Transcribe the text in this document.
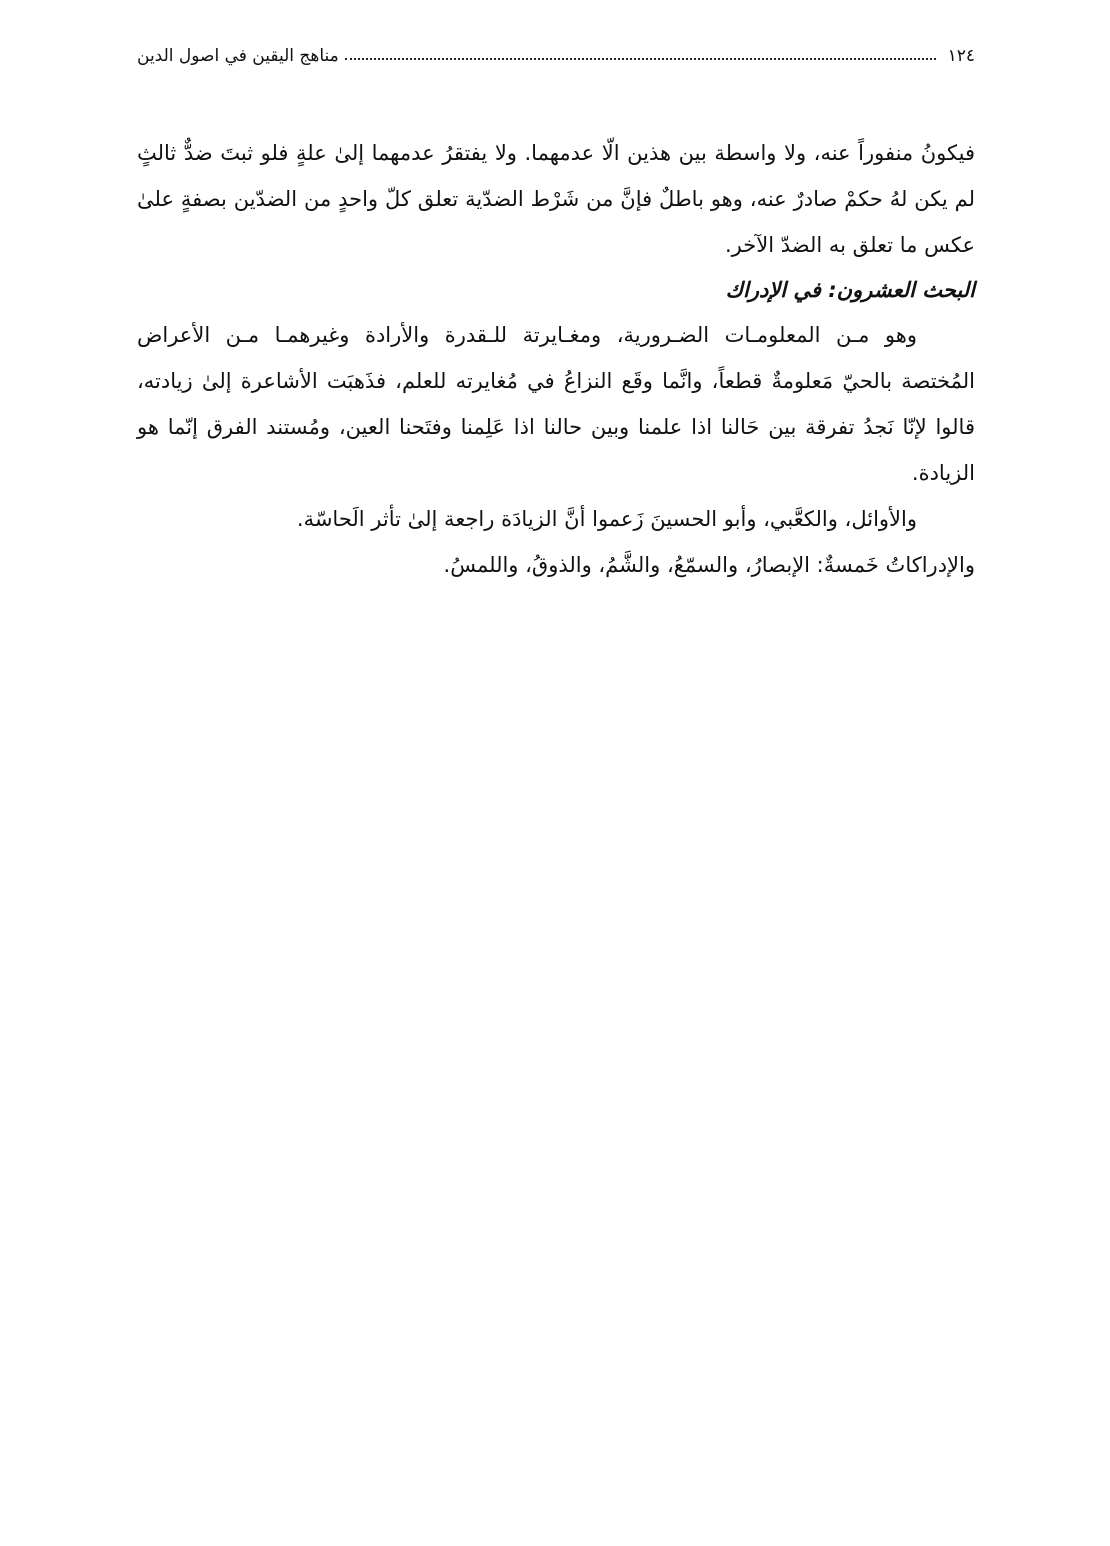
١٢٤
مناهج اليقين في اصول الدين

فيكونُ منفوراً عنه، ولا واسطة بين هذين الّا عدمهما. ولا يفتقرُ عدمهما إلىٰ علةٍ فلو ثبتَ ضدٌّ ثالثٍ لم يكن لهُ حكمْ صادرٌ عنه، وهو باطلٌ فإنَّ من شَرْط الضدّية تعلق كلّ واحدٍ من الضدّين بصفةٍ علىٰ عكس ما تعلق به الضدّ الآخر.

البحث العشرون: في الإدراك

وهو مـن المعلومـات الضـرورية، ومغـايرتة للـقدرة والأرادة وغيرهمـا مـن الأعراض المُختصة بالحيّ مَعلومةٌ قطعاً، وانَّما وقَع النزاعُ في مُغايرته للعلم، فذَهبَت الأشاعرة إلىٰ زيادته، قالوا لإنّا نَجدُ تفرقة بين حَالنا اذا علمنا وبين حالنا اذا عَلِمنا وفتَحنا العين، ومُستند الفرق إنّما هو الزيادة.

والأوائل، والكعَّبي، وأبو الحسينَ زَعموا أنَّ الزيادَة راجعة إلىٰ تأثر الَحاسّة.

والإدراكاتُ خَمسةٌ: الإبصارُ، والسمّعُ، والشَّمُ، والذوقُ، واللمسُ.
